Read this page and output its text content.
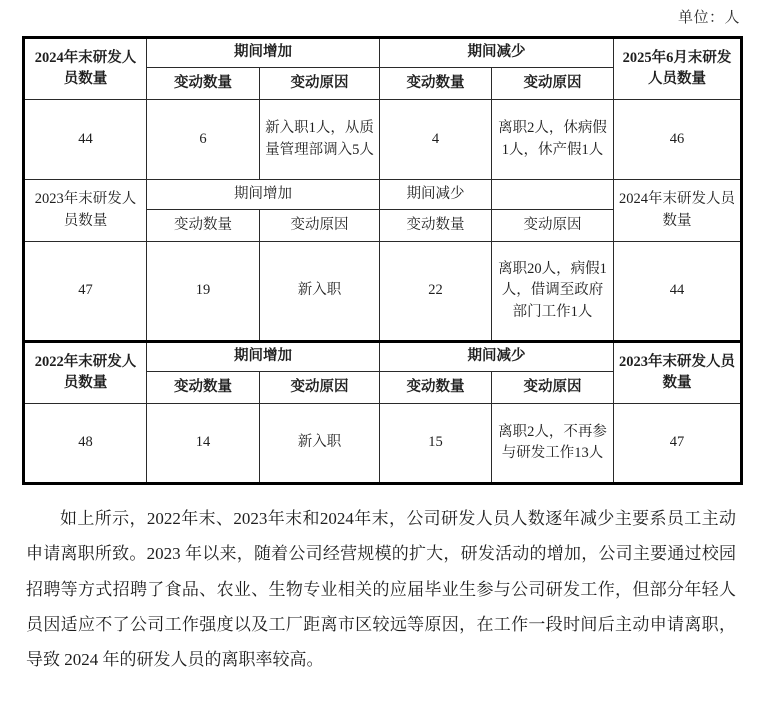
单位：人
2024年末研发人员数量	期间增加		期间减少		2025年6月末研发人员数量
	变动数量	变动原因	变动数量	变动原因	
44	6	新入职1人，从质量管理部调入5人	4	离职2人，休病假1人，休产假1人	46
2023年末研发人员数量	期间增加		期间减少		2024年末研发人员数量
	变动数量	变动原因	变动数量	变动原因	
47	19	新入职	22	离职20人，病假1人，借调至政府部门工作1人	44
2022年末研发人员数量	期间增加		期间减少		2023年末研发人员数量
	变动数量	变动原因	变动数量	变动原因	
48	14	新入职	15	离职2人，不再参与研发工作13人	47

如上所示，2022年末、2023年末和2024年末，公司研发人员人数逐年减少主要系员工主动申请离职所致。2023 年以来，随着公司经营规模的扩大，研发活动的增加，公司主要通过校园招聘等方式招聘了食品、农业、生物专业相关的应届毕业生参与公司研发工作，但部分年轻人员因适应不了公司工作强度以及工厂距离市区较远等原因，在工作一段时间后主动申请离职，导致 2024 年的研发人员的离职率较高。
